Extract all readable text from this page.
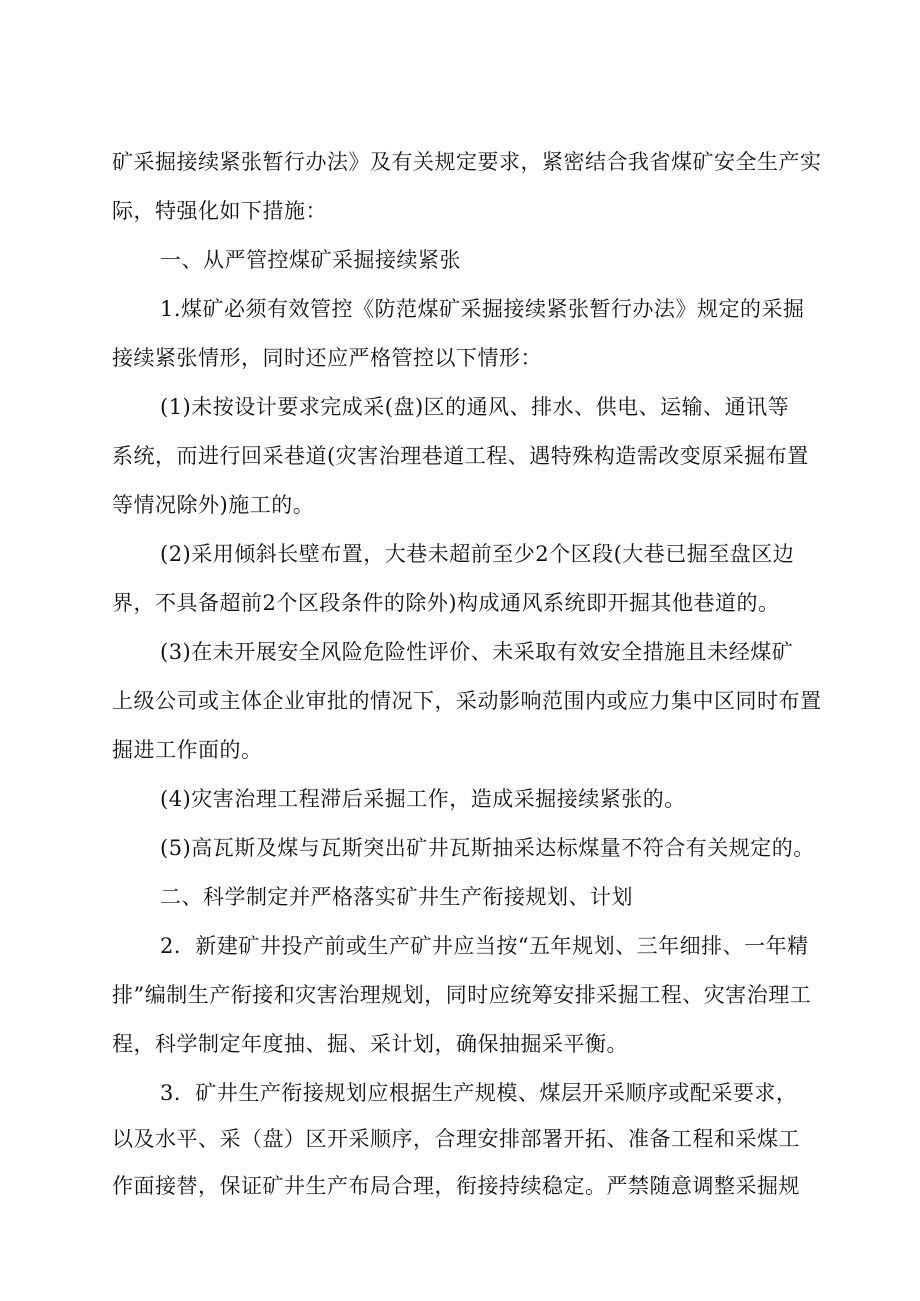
矿采掘接续紧张暂行办法》及有关规定要求，紧密结合我省煤矿安全生产实
际，特强化如下措施：
一、从严管控煤矿采掘接续紧张
1.煤矿必须有效管控《防范煤矿采掘接续紧张暂行办法》规定的采掘
接续紧张情形，同时还应严格管控以下情形：
(1)未按设计要求完成采(盘)区的通风、排水、供电、运输、通讯等
系统，而进行回采巷道(灾害治理巷道工程、遇特殊构造需改变原采掘布置
等情况除外)施工的。
(2)采用倾斜长壁布置，大巷未超前至少2个区段(大巷已掘至盘区边
界，不具备超前2个区段条件的除外)构成通风系统即开掘其他巷道的。
(3)在未开展安全风险危险性评价、未采取有效安全措施且未经煤矿
上级公司或主体企业审批的情况下，采动影响范围内或应力集中区同时布置
掘进工作面的。
(4)灾害治理工程滞后采掘工作，造成采掘接续紧张的。
(5)高瓦斯及煤与瓦斯突出矿井瓦斯抽采达标煤量不符合有关规定的。
二、科学制定并严格落实矿井生产衔接规划、计划
2．新建矿井投产前或生产矿井应当按“五年规划、三年细排、一年精
排”编制生产衔接和灾害治理规划，同时应统筹安排采掘工程、灾害治理工
程，科学制定年度抽、掘、采计划，确保抽掘采平衡。
3．矿井生产衔接规划应根据生产规模、煤层开采顺序或配采要求，
以及水平、采（盘）区开采顺序，合理安排部署开拓、准备工程和采煤工
作面接替，保证矿井生产布局合理，衔接持续稳定。严禁随意调整采掘规
